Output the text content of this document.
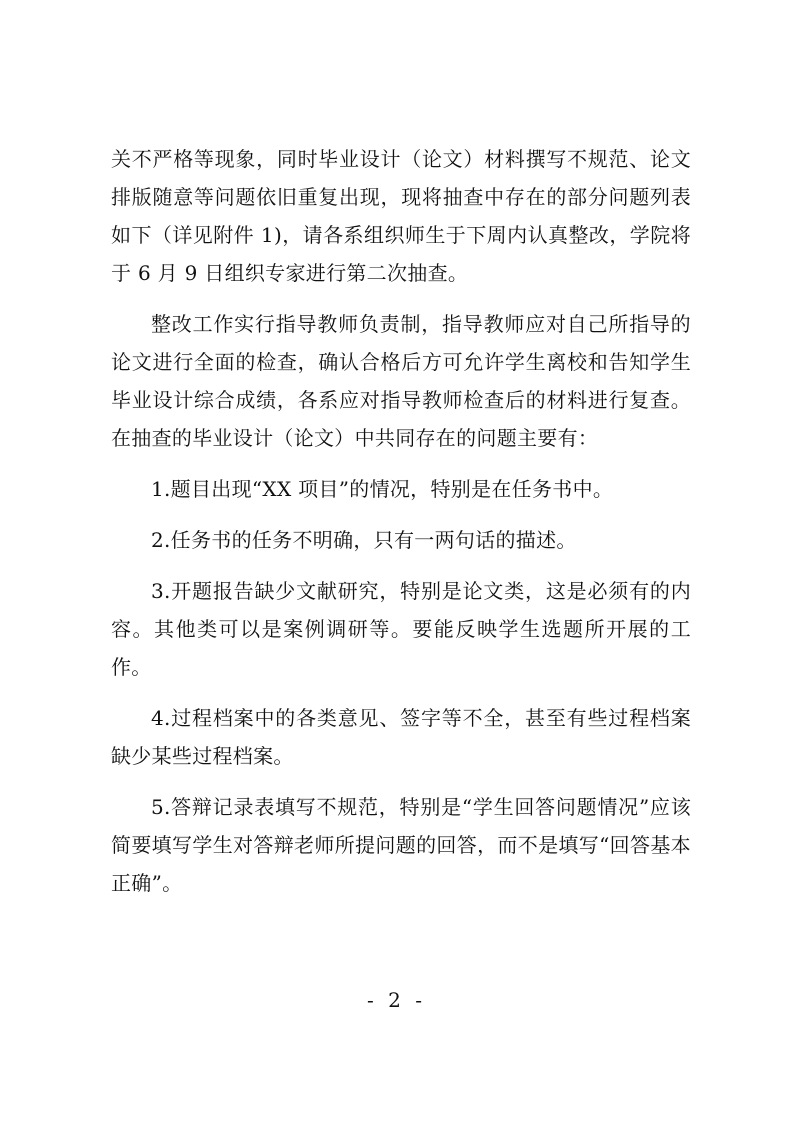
关不严格等现象，同时毕业设计（论文）材料撰写不规范、论文排版随意等问题依旧重复出现，现将抽查中存在的部分问题列表如下（详见附件 1)，请各系组织师生于下周内认真整改，学院将于 6 月 9 日组织专家进行第二次抽查。

整改工作实行指导教师负责制，指导教师应对自己所指导的论文进行全面的检查，确认合格后方可允许学生离校和告知学生毕业设计综合成绩，各系应对指导教师检查后的材料进行复查。在抽查的毕业设计（论文）中共同存在的问题主要有：

1.题目出现“XX 项目”的情况，特别是在任务书中。

2.任务书的任务不明确，只有一两句话的描述。

3.开题报告缺少文献研究，特别是论文类，这是必须有的内容。其他类可以是案例调研等。要能反映学生选题所开展的工作。

4.过程档案中的各类意见、签字等不全，甚至有些过程档案缺少某些过程档案。

5.答辩记录表填写不规范，特别是“学生回答问题情况”应该简要填写学生对答辩老师所提问题的回答，而不是填写“回答基本正确”。

- 2 -
